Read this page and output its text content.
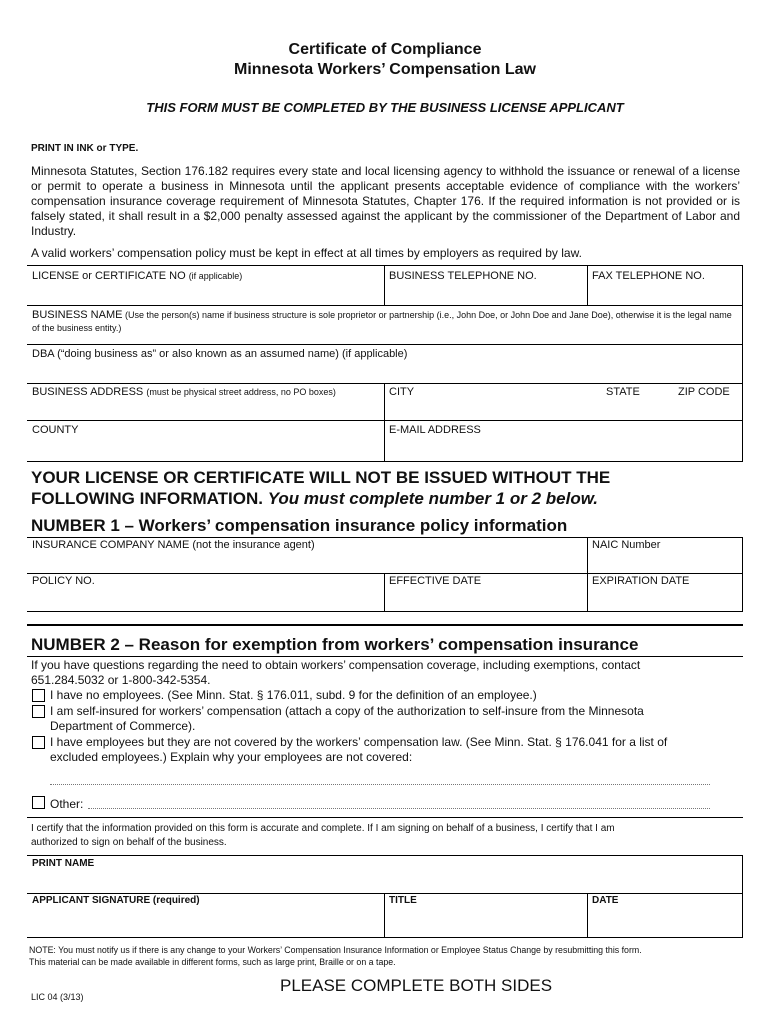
Certificate of Compliance
Minnesota Workers’ Compensation Law
THIS FORM MUST BE COMPLETED BY THE BUSINESS LICENSE APPLICANT
PRINT IN INK or TYPE.
Minnesota Statutes, Section 176.182 requires every state and local licensing agency to withhold the issuance or renewal of a license or permit to operate a business in Minnesota until the applicant presents acceptable evidence of compliance with the workers’ compensation insurance coverage requirement of Minnesota Statutes, Chapter 176. If the required information is not provided or is falsely stated, it shall result in a $2,000 penalty assessed against the applicant by the commissioner of the Department of Labor and Industry.
A valid workers’ compensation policy must be kept in effect at all times by employers as required by law.
LICENSE or CERTIFICATE NO (if applicable)	BUSINESS TELEPHONE NO.	FAX TELEPHONE NO.
BUSINESS NAME (Use the person(s) name if business structure is sole proprietor or partnership (i.e., John Doe, or John Doe and Jane Doe), otherwise it is the legal name of the business entity.)
DBA (“doing business as” or also known as an assumed name) (if applicable)
BUSINESS ADDRESS (must be physical street address, no PO boxes)	CITY	STATE	ZIP CODE
COUNTY	E-MAIL ADDRESS
YOUR LICENSE OR CERTIFICATE WILL NOT BE ISSUED WITHOUT THE
FOLLOWING INFORMATION. You must complete number 1 or 2 below.
NUMBER 1 – Workers’ compensation insurance policy information
INSURANCE COMPANY NAME (not the insurance agent)	NAIC Number
POLICY NO.	EFFECTIVE DATE	EXPIRATION DATE
NUMBER 2 – Reason for exemption from workers’ compensation insurance
If you have questions regarding the need to obtain workers’ compensation coverage, including exemptions, contact
651.284.5032 or 1-800-342-5354.
I have no employees. (See Minn. Stat. § 176.011, subd. 9 for the definition of an employee.)
I am self-insured for workers’ compensation (attach a copy of the authorization to self-insure from the Minnesota
Department of Commerce).
I have employees but they are not covered by the workers’ compensation law. (See Minn. Stat. § 176.041 for a list of
excluded employees.) Explain why your employees are not covered:
Other:
I certify that the information provided on this form is accurate and complete. If I am signing on behalf of a business, I certify that I am
authorized to sign on behalf of the business.
PRINT NAME
APPLICANT SIGNATURE (required)	TITLE	DATE
NOTE: You must notify us if there is any change to your Workers’ Compensation Insurance Information or Employee Status Change by resubmitting this form.
This material can be made available in different forms, such as large print, Braille or on a tape.
LIC 04 (3/13)
PLEASE COMPLETE BOTH SIDES
